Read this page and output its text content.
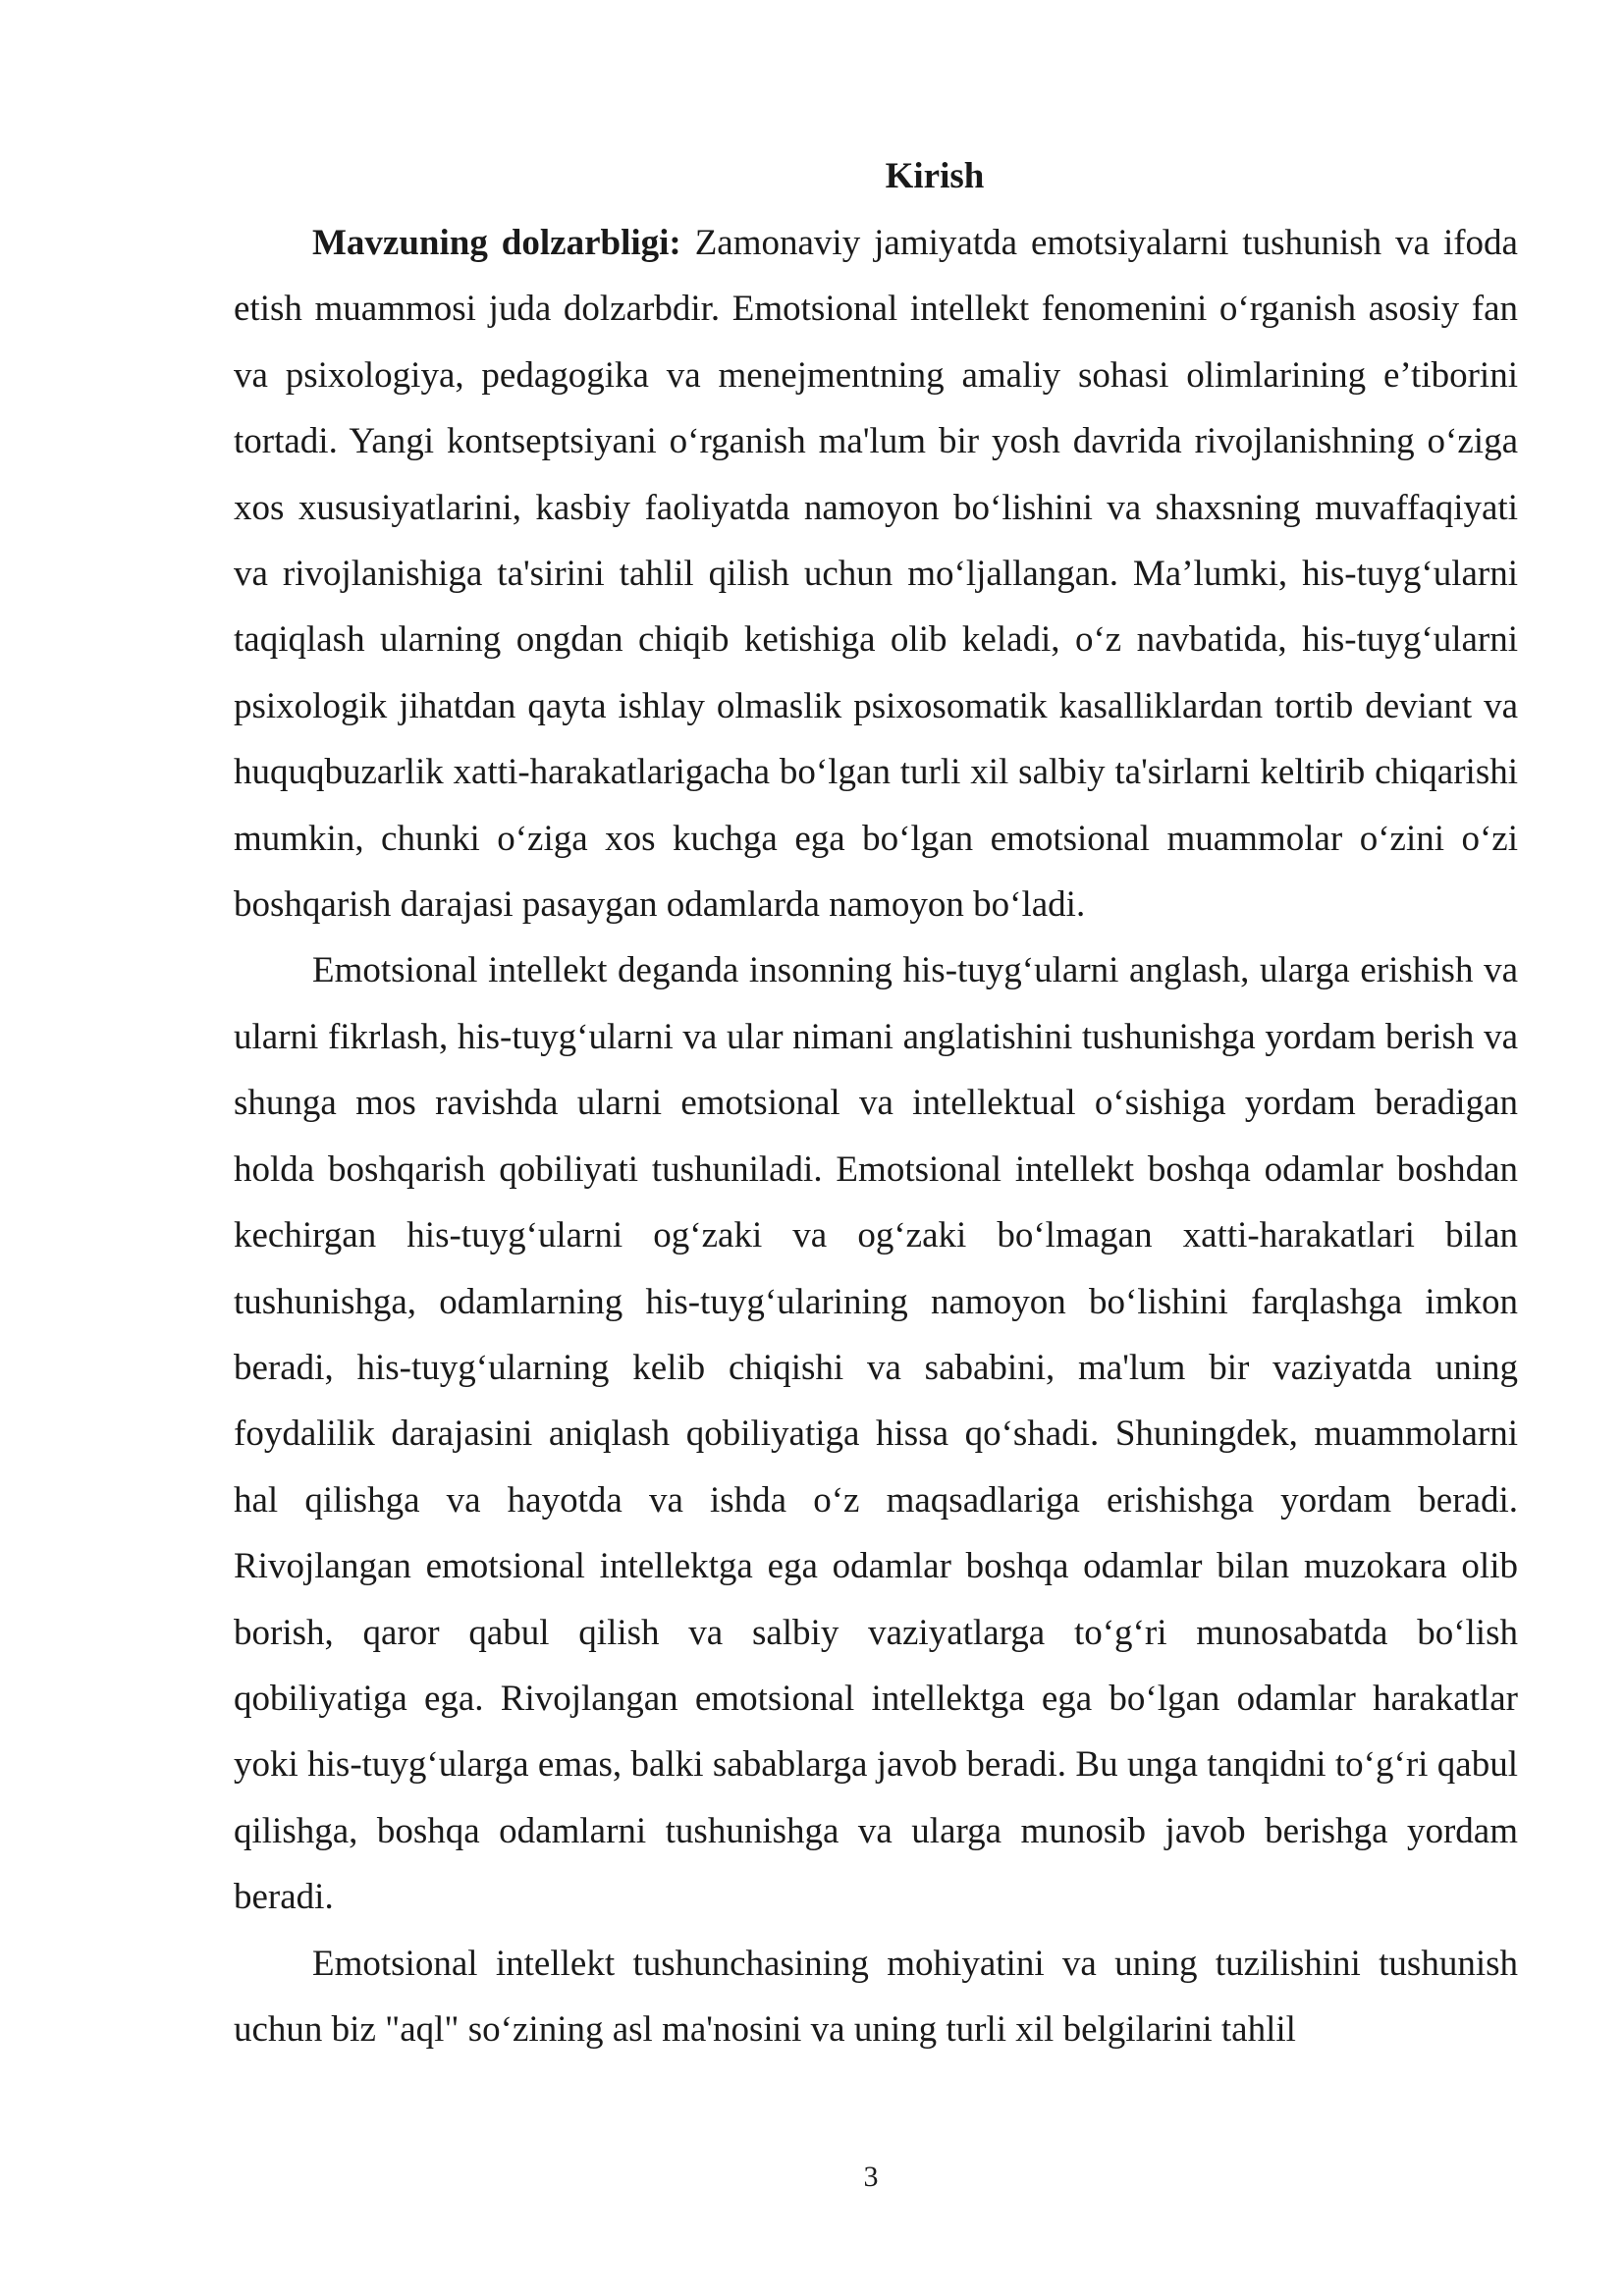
Kirish

Mavzuning dolzarbligi: Zamonaviy jamiyatda emotsiyalarni tushunish va ifoda etish muammosi juda dolzarbdir. Emotsional intellekt fenomenini o‘rganish asosiy fan va psixologiya, pedagogika va menejmentning amaliy sohasi olimlarining e’tiborini tortadi. Yangi kontseptsiyani o‘rganish ma'lum bir yosh davrida rivojlanishning o‘ziga xos xususiyatlarini, kasbiy faoliyatda namoyon bo‘lishini va shaxsning muvaffaqiyati va rivojlanishiga ta'sirini tahlil qilish uchun mo‘ljallangan. Ma’lumki, his-tuyg‘ularni taqiqlash ularning ongdan chiqib ketishiga olib keladi, o‘z navbatida, his-tuyg‘ularni psixologik jihatdan qayta ishlay olmaslik psixosomatik kasalliklardan tortib deviant va huquqbuzarlik xatti-harakatlarigacha bo‘lgan turli xil salbiy ta'sirlarni keltirib chiqarishi mumkin, chunki o‘ziga xos kuchga ega bo‘lgan emotsional muammolar o‘zini o‘zi boshqarish darajasi pasaygan odamlarda namoyon bo‘ladi.

Emotsional intellekt deganda insonning his-tuyg‘ularni anglash, ularga erishish va ularni fikrlash, his-tuyg‘ularni va ular nimani anglatishini tushunishga yordam berish va shunga mos ravishda ularni emotsional va intellektual o‘sishiga yordam beradigan holda boshqarish qobiliyati tushuniladi. Emotsional intellekt boshqa odamlar boshdan kechirgan his-tuyg‘ularni og‘zaki va og‘zaki bo‘lmagan xatti-harakatlari bilan tushunishga, odamlarning his-tuyg‘ularining namoyon bo‘lishini farqlashga imkon beradi, his-tuyg‘ularning kelib chiqishi va sababini, ma'lum bir vaziyatda uning foydalilik darajasini aniqlash qobiliyatiga hissa qo‘shadi. Shuningdek, muammolarni hal qilishga va hayotda va ishda o‘z maqsadlariga erishishga yordam beradi. Rivojlangan emotsional intellektga ega odamlar boshqa odamlar bilan muzokara olib borish, qaror qabul qilish va salbiy vaziyatlarga to‘g‘ri munosabatda bo‘lish qobiliyatiga ega. Rivojlangan emotsional intellektga ega bo‘lgan odamlar harakatlar yoki his-tuyg‘ularga emas, balki sabablarga javob beradi. Bu unga tanqidni to‘g‘ri qabul qilishga, boshqa odamlarni tushunishga va ularga munosib javob berishga yordam beradi.

Emotsional intellekt tushunchasining mohiyatini va uning tuzilishini tushunish uchun biz "aql" so‘zining asl ma'nosini va uning turli xil belgilarini tahlil

3
